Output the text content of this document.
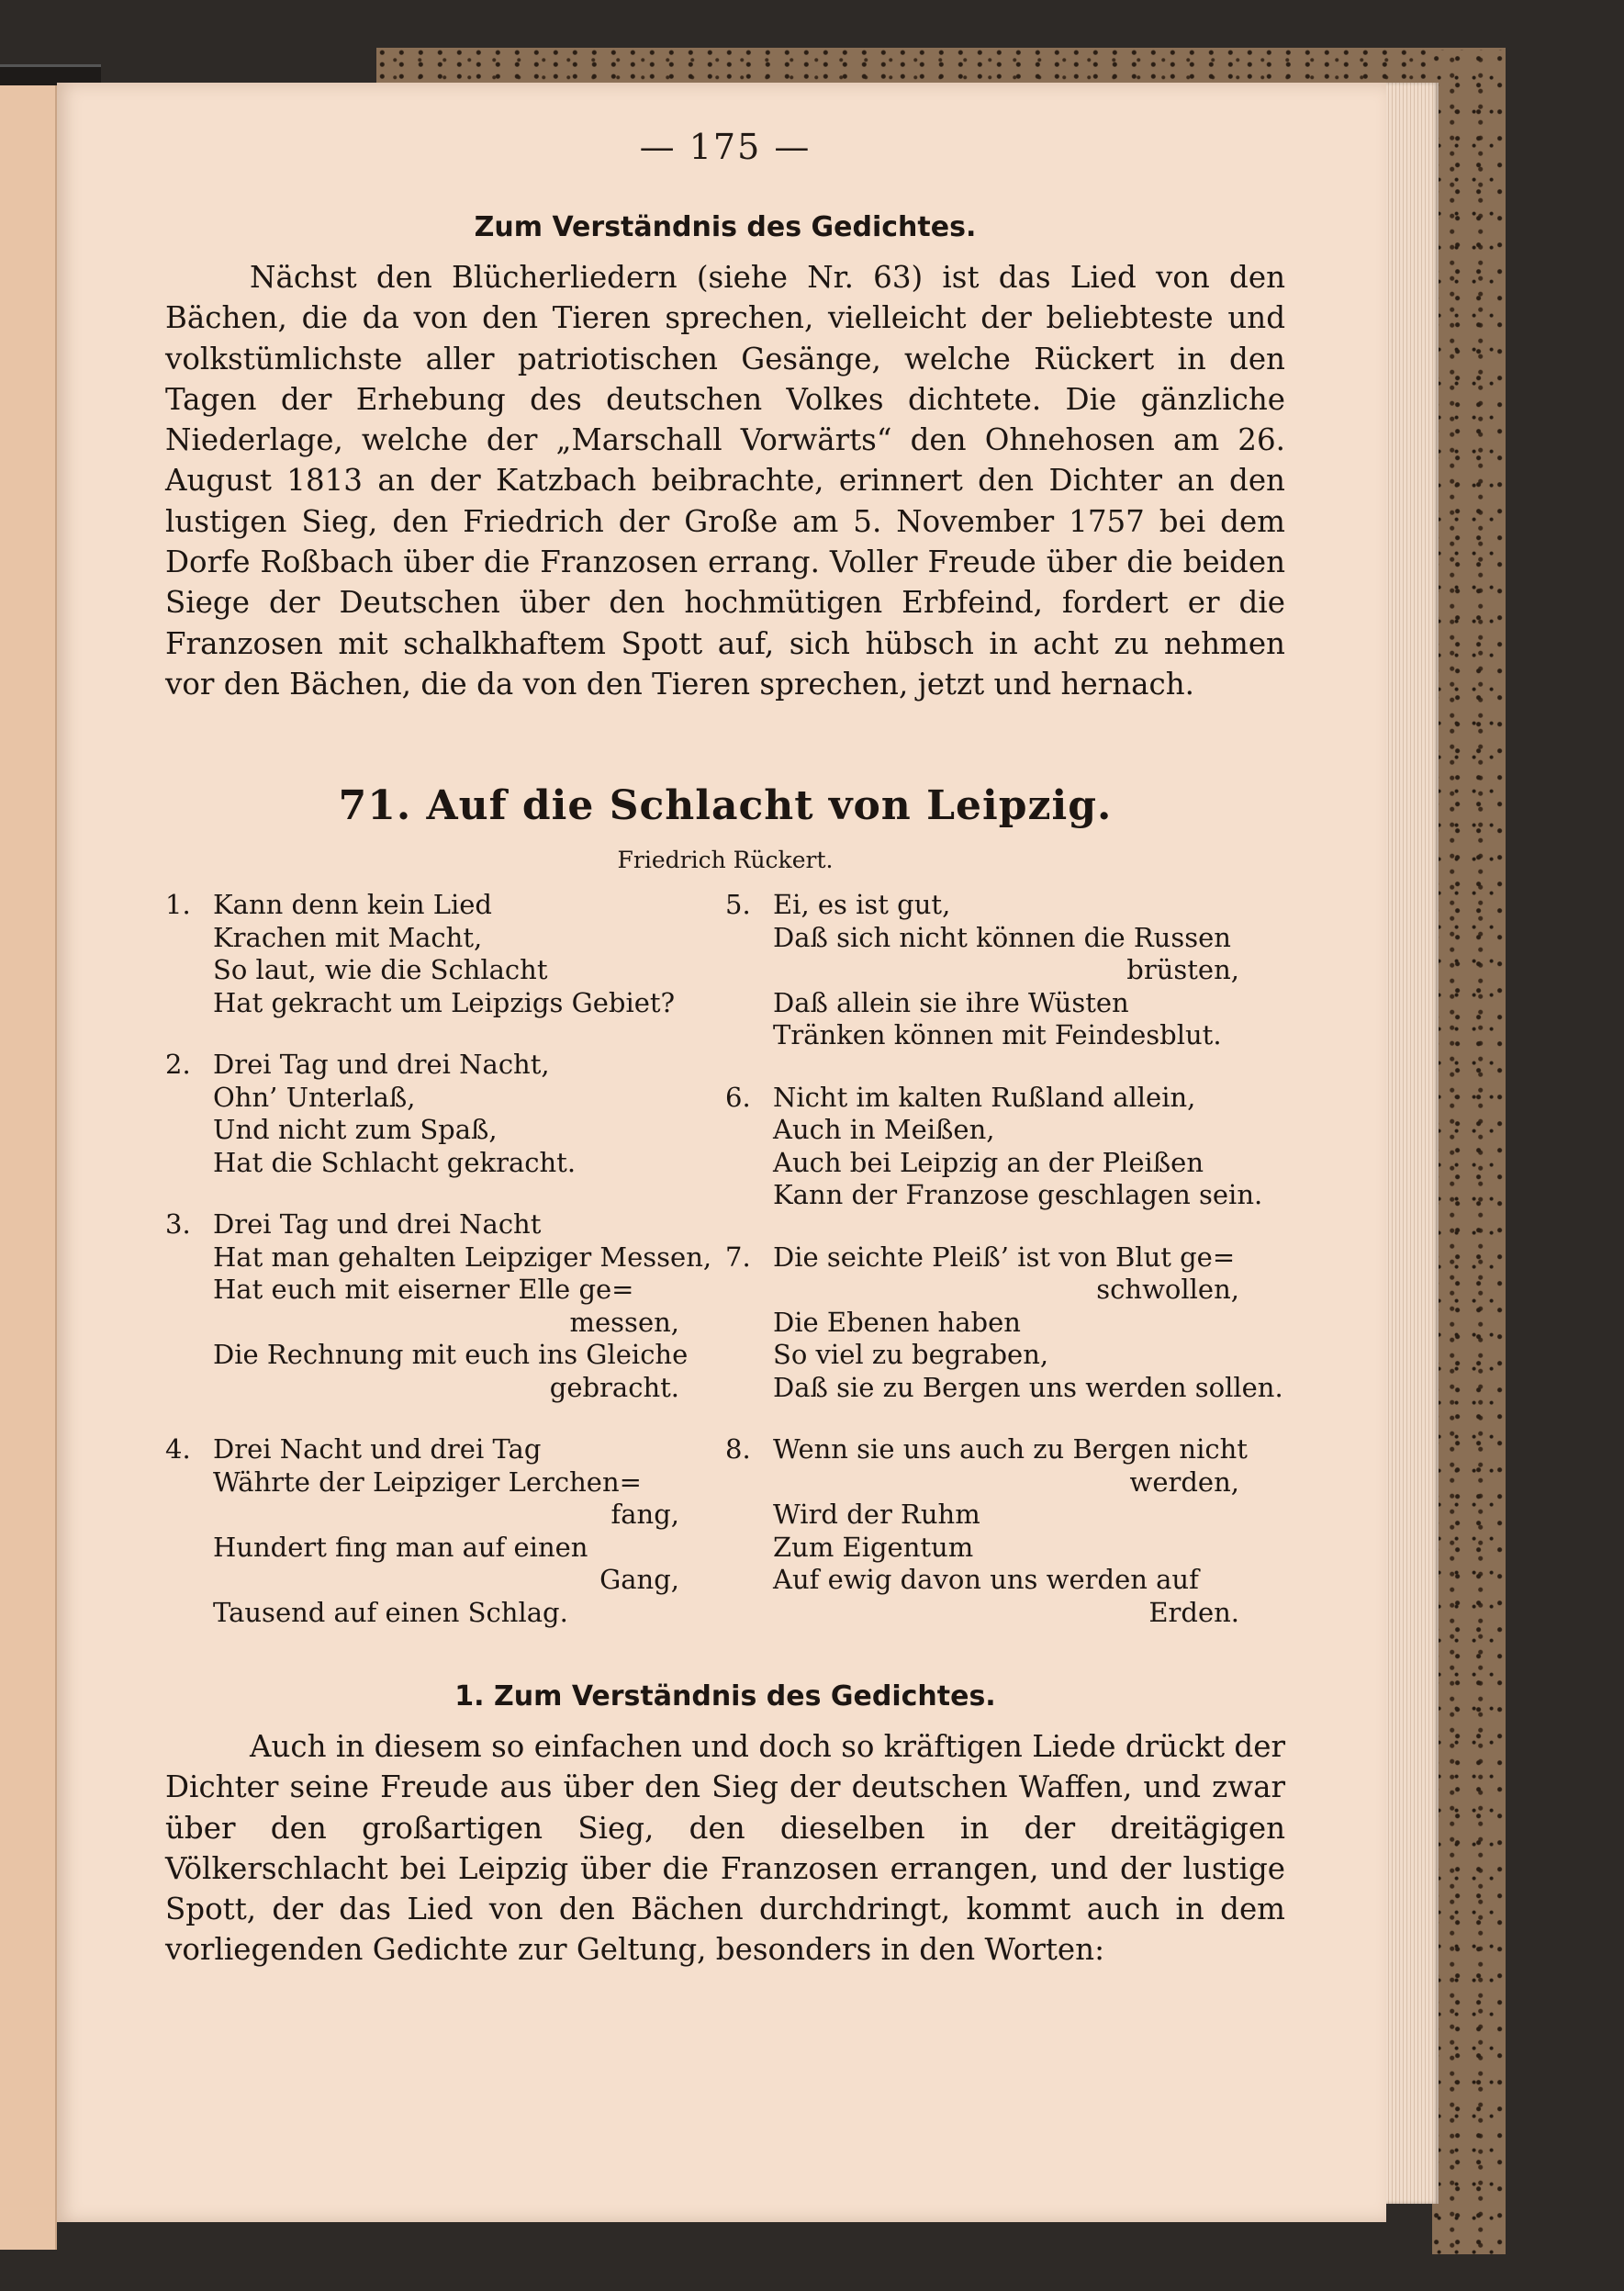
— 175 —
Zum Verständnis des Gedichtes.

Nächst den Blücherliedern (siehe Nr. 63) ist das Lied von den Bächen, die da von den Tieren sprechen, vielleicht der beliebteste und volkstümlichste aller patriotischen Gesänge, welche Rückert in den Tagen der Erhebung des deutschen Volkes dichtete. Die gänzliche Niederlage, welche der „Marschall Vorwärts“ den Ohnehosen am 26. August 1813 an der Katzbach beibrachte, erinnert den Dichter an den lustigen Sieg, den Friedrich der Große am 5. November 1757 bei dem Dorfe Roßbach über die Franzosen errang. Voller Freude über die beiden Siege der Deutschen über den hochmütigen Erbfeind, fordert er die Franzosen mit schalkhaftem Spott auf, sich hübsch in acht zu nehmen vor den Bächen, die da von den Tieren sprechen, jetzt und hernach.

71. Auf die Schlacht von Leipzig.
Friedrich Rückert.
1. Kann denn kein Lied
Krachen mit Macht,
So laut, wie die Schlacht
Hat gekracht um Leipzigs Gebiet?
2. Drei Tag und drei Nacht,
Ohn’ Unterlaß,
Und nicht zum Spaß,
Hat die Schlacht gekracht.
3. Drei Tag und drei Nacht
Hat man gehalten Leipziger Messen,
Hat euch mit eiserner Elle ge=
messen,
Die Rechnung mit euch ins Gleiche
gebracht.
4. Drei Nacht und drei Tag
Währte der Leipziger Lerchen=
fang,
Hundert fing man auf einen
Gang,
Tausend auf einen Schlag.
5. Ei, es ist gut,
Daß sich nicht können die Russen
brüsten,
Daß allein sie ihre Wüsten
Tränken können mit Feindesblut.
6. Nicht im kalten Rußland allein,
Auch in Meißen,
Auch bei Leipzig an der Pleißen
Kann der Franzose geschlagen sein.
7. Die seichte Pleiß’ ist von Blut ge=
schwollen,
Die Ebenen haben
So viel zu begraben,
Daß sie zu Bergen uns werden sollen.
8. Wenn sie uns auch zu Bergen nicht
werden,
Wird der Ruhm
Zum Eigentum
Auf ewig davon uns werden auf
Erden.
1. Zum Verständnis des Gedichtes.

Auch in diesem so einfachen und doch so kräftigen Liede drückt der Dichter seine Freude aus über den Sieg der deutschen Waffen, und zwar über den großartigen Sieg, den dieselben in der dreitägigen Völkerschlacht bei Leipzig über die Franzosen errangen, und der lustige Spott, der das Lied von den Bächen durchdringt, kommt auch in dem vorliegenden Gedichte zur Geltung, besonders in den Worten:
